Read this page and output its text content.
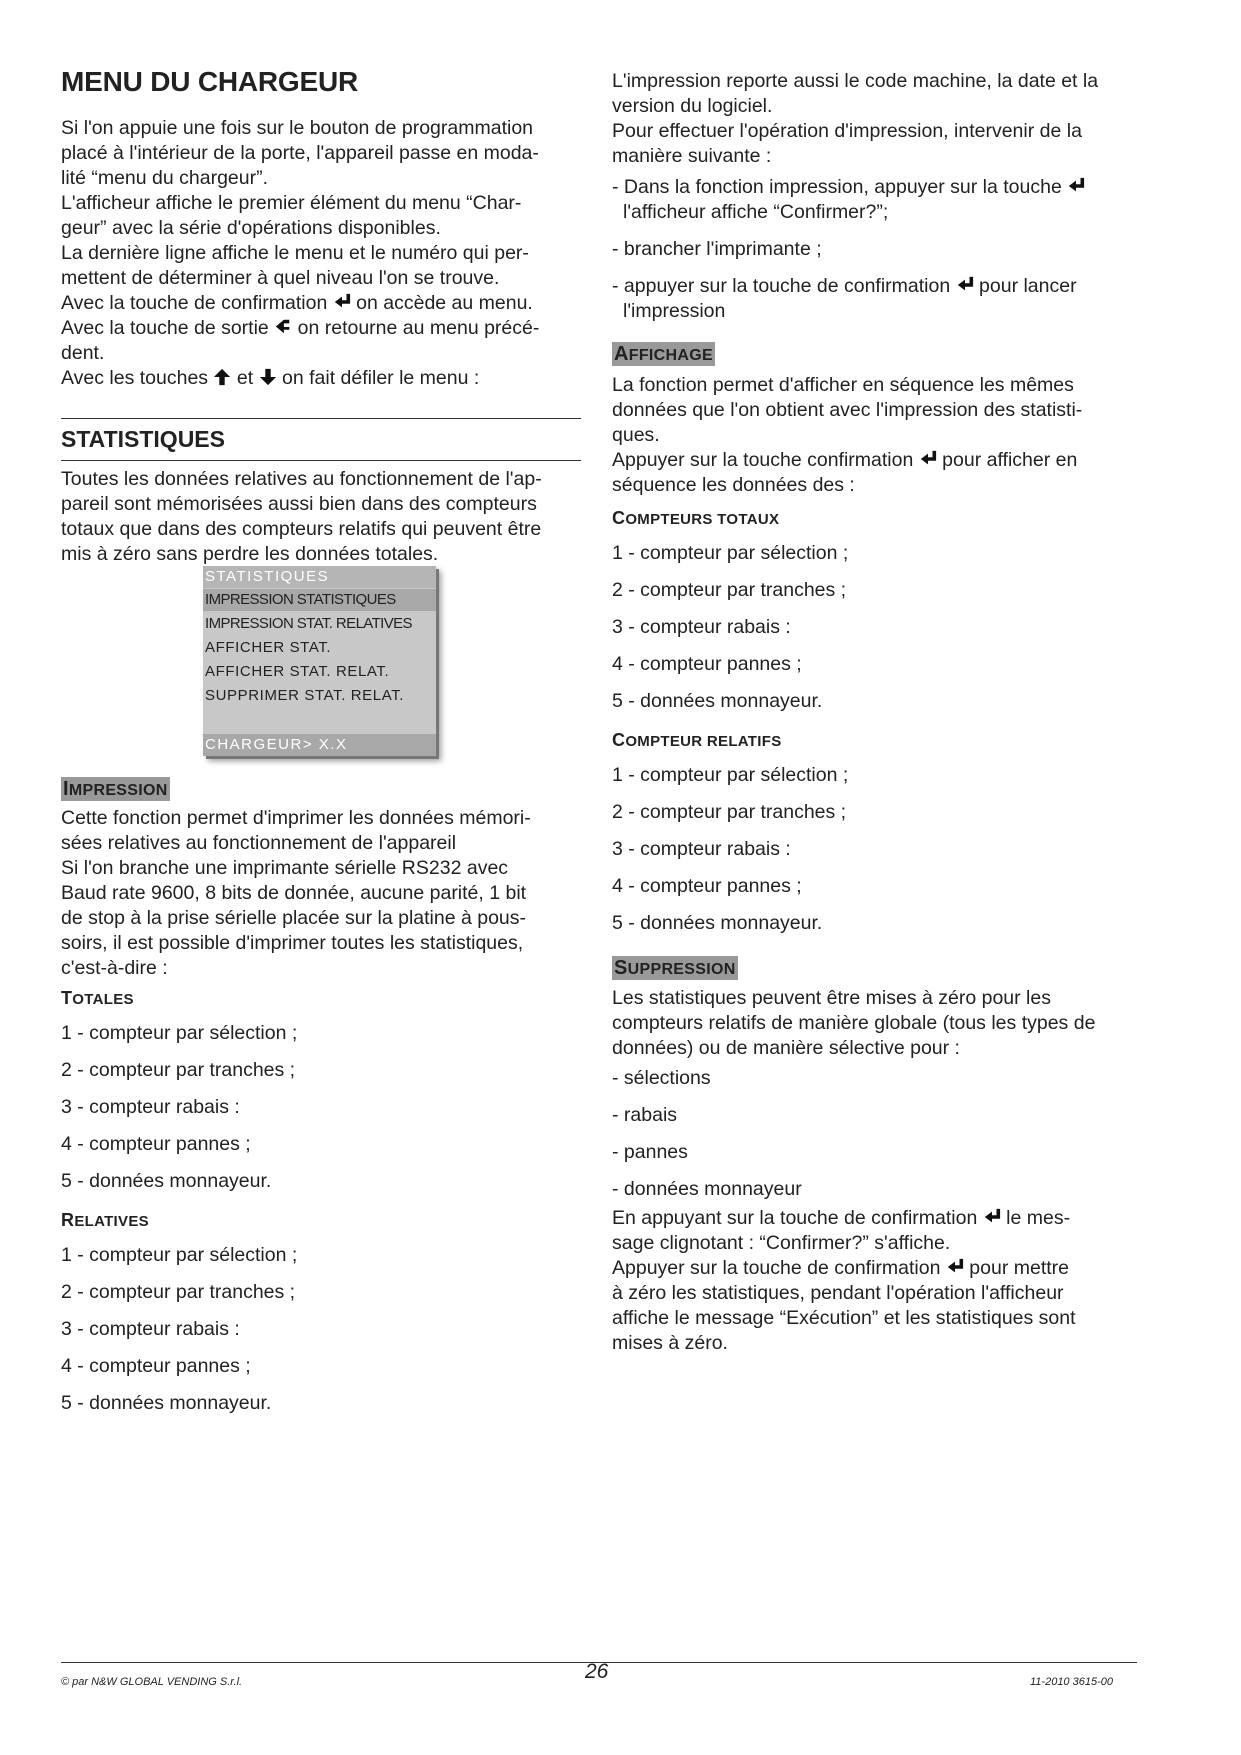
MENU DU CHARGEUR

Si l'on appuie une fois sur le bouton de programmation

placé à l'intérieur de la porte, l'appareil passe en moda-

lité “menu du chargeur”.

L'afficheur affiche le premier élément du menu “Char-

geur” avec la série d'opérations disponibles.

La dernière ligne affiche le menu et le numéro qui per-

mettent de déterminer à quel niveau l'on se trouve.

Avec la touche de confirmation on accède au menu.

Avec la touche de sortie on retourne au menu précé-

dent.

Avec les touches et on fait défiler le menu :

STATISTIQUES

Toutes les données relatives au fonctionnement de l'ap-

pareil sont mémorisées aussi bien dans des compteurs

totaux que dans des compteurs relatifs qui peuvent être

mis à zéro sans perdre les données totales.

IMPRESSION

Cette fonction permet d'imprimer les données mémori-

sées relatives au fonctionnement de l'appareil

Si l'on branche une imprimante sérielle RS232 avec

Baud rate 9600, 8 bits de donnée, aucune parité, 1 bit

de stop à la prise sérielle placée sur la platine à pous-

soirs, il est possible d'imprimer toutes les statistiques,

c'est-à-dire :

TOTALES
1 - compteur par sélection ;
2 - compteur par tranches ;
3 - compteur rabais :
4 - compteur pannes ;
5 - données monnayeur.
RELATIVES
1 - compteur par sélection ;
2 - compteur par tranches ;
3 - compteur rabais :
4 - compteur pannes ;
5 - données monnayeur.
STATISTIQUES
IMPRESSION STATISTIQUES
IMPRESSION STAT. RELATIVES
AFFICHER STAT.
AFFICHER STAT. RELAT.
SUPPRIMER STAT. RELAT.
CHARGEUR> X.X

L'impression reporte aussi le code machine, la date et la

version du logiciel.

Pour effectuer l'opération d'impression, intervenir de la

manière suivante :

- Dans la fonction impression, appuyer sur la touche
l'afficheur affiche “Confirmer?”;
- brancher l'imprimante ;
- appuyer sur la touche de confirmation pour lancer
l'impression
AFFICHAGE

La fonction permet d'afficher en séquence les mêmes

données que l'on obtient avec l'impression des statisti-

ques.

Appuyer sur la touche confirmation pour afficher en

séquence les données des :

COMPTEURS TOTAUX
1 - compteur par sélection ;
2 - compteur par tranches ;
3 - compteur rabais :
4 - compteur pannes ;
5 - données monnayeur.
COMPTEUR RELATIFS
1 - compteur par sélection ;
2 - compteur par tranches ;
3 - compteur rabais :
4 - compteur pannes ;
5 - données monnayeur.
SUPPRESSION

Les statistiques peuvent être mises à zéro pour les

compteurs relatifs de manière globale (tous les types de

données) ou de manière sélective pour :

- sélections
- rabais
- pannes
- données monnayeur

En appuyant sur la touche de confirmation le mes-

sage clignotant : “Confirmer?” s'affiche.

Appuyer sur la touche de confirmation pour mettre

à zéro les statistiques, pendant l'opération l'afficheur

affiche le message “Exécution” et les statistiques sont

mises à zéro.

© par N&W GLOBAL VENDING S.r.l.	26	11-2010 3615-00
